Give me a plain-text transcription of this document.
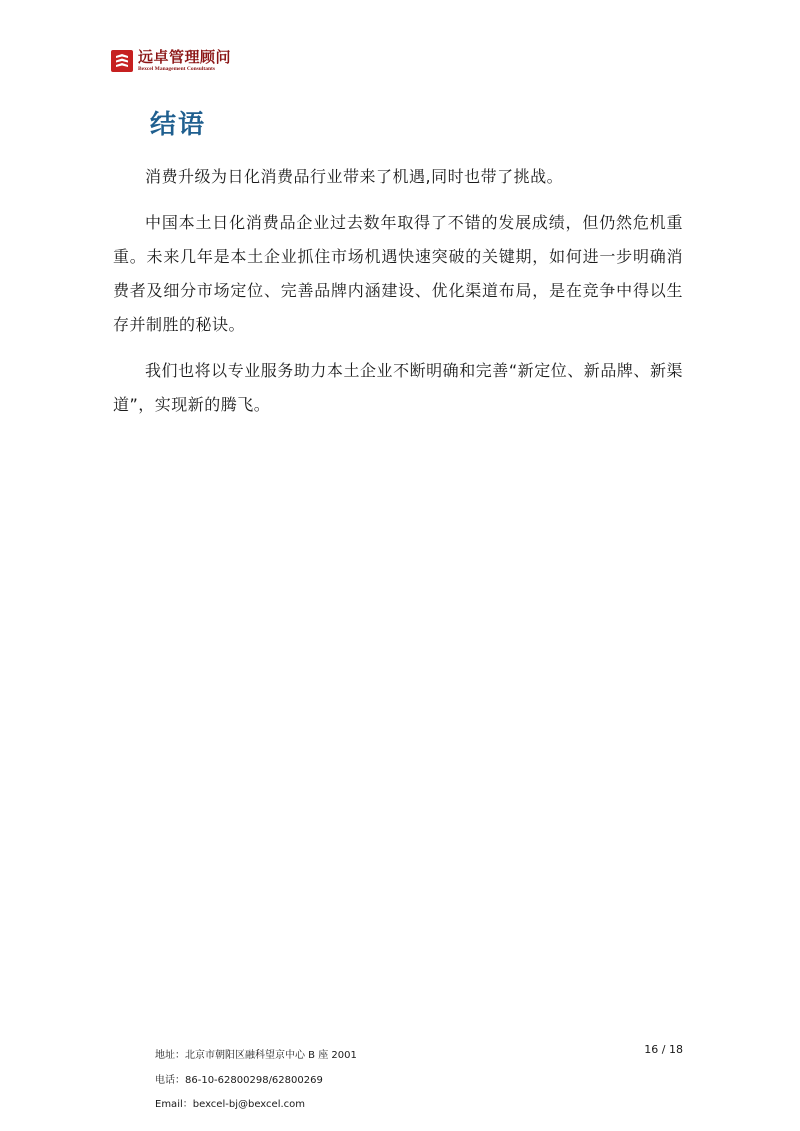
远卓管理顾问
Bexcel Management Consultants
结语

消费升级为日化消费品行业带来了机遇,同时也带了挑战。

中国本土日化消费品企业过去数年取得了不错的发展成绩，但仍然危机重重。未来几年是本土企业抓住市场机遇快速突破的关键期，如何进一步明确消费者及细分市场定位、完善品牌内涵建设、优化渠道布局，是在竞争中得以生存并制胜的秘诀。

我们也将以专业服务助力本土企业不断明确和完善“新定位、新品牌、新渠道”，实现新的腾飞。

地址：北京市朝阳区融科望京中心 B 座 2001
电话：86-10-62800298/62800269
Email：bexcel-bj@bexcel.com
16 / 18
